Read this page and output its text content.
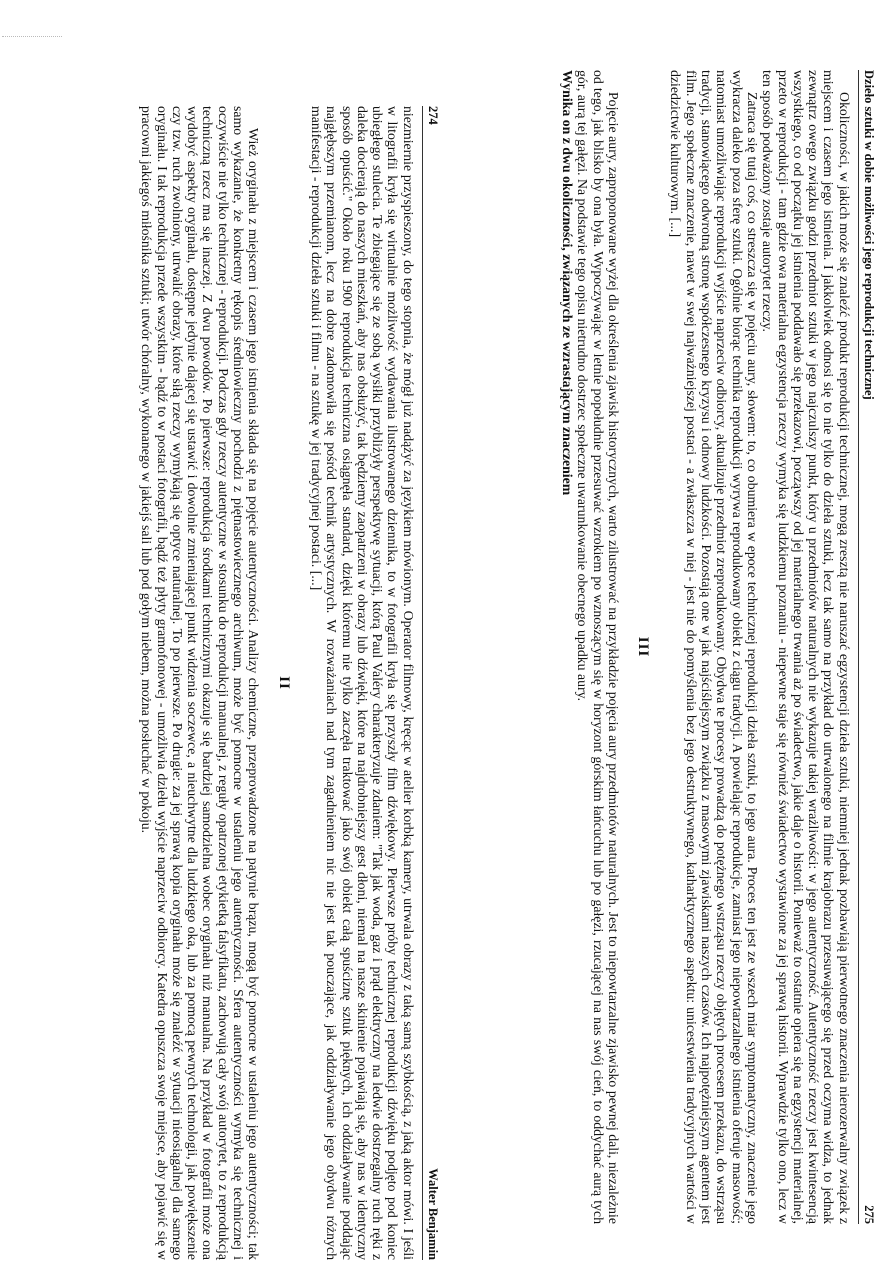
274
Walter Benjamin

niezmiernie przyspieszony, do tego stopnia, że mógł już nadążyć za językiem mówionym. Operator filmowy, kręcąc w atelier korbką kamery, utrwala obrazy z taką samą szybkością, z jaką aktor mówi. I jeśli w litografii kryła się wirtualnie możliwość wydawania ilustrowanego dziennika, to w fotografii kryła się przyszły film dźwiękowy. Pierwsze próby technicznej reprodukcji dźwięku podjęto pod koniec ubiegłego stulecia. Te zbiegające się ze sobą wysiłki przybliżyły perspektywę sytuacji, którą Paul Valéry charakteryzuje zdaniem: "Tak jak woda, gaz i prąd elektryczny na ledwie dostrzegalny ruch ręki z daleka docierają do naszych mieszkań, aby nas obsłużyć, tak będziemy zaopatrzeni w obrazy lub dźwięki, które na najdrobniejszy gest dłoni, niemal na nasze skinienie pojawiają się, aby nas w identyczny sposób opuścić." Około roku 1900 reprodukcja techniczna osiągnęła standard, dzięki któremu nie tylko zaczęła traktować jako swój obiekt całą spuściznę sztuk pięknych, ich oddziaływanie poddając najgłębszym przemianom, lecz na dobre zadomowiła się pośród technik artystycznych. W rozważaniach nad tym zagadnieniem nic nie jest tak pouczające, jak oddziaływanie jego obydwu różnych manifestacji - reprodukcji dzieła sztuki i filmu - na sztukę w jej tradycyjnej postaci. [...]

II

Wież oryginału z miejscem i czasem jego istnienia składa się na pojęcie autentyczności. Analizy chemiczne, przeprowadzone na patynie brązu, mogą być pomocne w ustaleniu jego autentyczności; tak samo wykazanie, że konkretny rękopis średniowieczny pochodzi z piętnastowiecznego archiwum, może być pomocne w ustaleniu jego autentyczności. Sfera autentyczności wymyka się technicznej i oczywiście nie tylko technicznej - reprodukcji. Podczas gdy rzeczy autentyczne w stosunku do reprodukcji manualnej, z reguły opatrzonej etykietką falsyfikatu, zachowują cały swój autorytet, to z reprodukcją techniczną rzecz ma się inaczej. Z dwu powodów. Po pierwsze: reprodukcja środkami technicznymi okazuje się bardziej samodzielna wobec oryginału niż manualna. Na przykład w fotografii może ona wydobyć aspekty oryginału, dostępne jedynie dającej się ustawić i dowolnie zmieniającej punkt widzenia soczewce, a nieuchwytne dla ludzkiego oka, lub za pomocą pewnych technologii, jak powiększenie czy tzw. ruch zwolniony, utrwalić obrazy, które siłą rzeczy wymykają się optyce naturalnej. To po pierwsze. Po drugie: za jej sprawą kopia oryginału może się znaleźć w sytuacji nieosiągalnej dla samego oryginału. I tak reprodukcja przede wszystkim - bądź to w postaci fotografii, bądź też płyty gramofonowej - umożliwia dziełu wyjście naprzeciw odbiorcy. Katedra opuszcza swoje miejsce, aby pojawić się w pracowni jakiegoś miłośnika sztuki; utwór chóralny, wykonanego w jakiejś sali lub pod gołym niebem, można posłuchać w pokoju.	Dzieło sztuki w dobie możliwości jego reprodukcji technicznej
275

Okoliczności, w jakich może się znaleźć produkt reprodukcji technicznej, mogą zresztą nie naruszać egzystencji dzieła sztuki, niemniej jednak pozbawiają pierwotnego znaczenia nierozerwalny związek z miejscem i czasem jego istnienia. I jakkolwiek odnosi się to nie tylko do dzieła sztuki, lecz tak samo na przykład do utrwalonego na filmie krajobrazu przesuwającego się przed oczyma widza, to jednak zewnątrz owego związku godzi przedmiot sztuki w jego najczulszy punkt, który u przedmiotów naturalnych nie wykazuje takiej wrażliwości: w jego autentyczność. Autentyczność rzeczy jest kwintesencją wszystkiego, co od początku jej istnienia poddawało się przekazowi, począwszy od jej materialnego trwania aż po świadectwo, jakie daje o historii. Ponieważ to ostatnie opiera się na egzystencji materialnej, przeto w reprodukcji - tam gdzie owa materialna egzystencja rzeczy wymyka się ludzkiemu poznaniu - niepewne staje się również świadectwo wystawione za jej sprawą historii. Wprawdzie tylko ono, lecz w ten sposób podważony zostaje autorytet rzeczy.

Zatraca się tutaj coś, co streszcza się w pojęciu aury, słowem: to, co obumiera w epoce technicznej reprodukcji dzieła sztuki, to jego aura. Proces ten jest ze wszech miar symptomatyczny, znaczenie jego wykracza daleko poza sferę sztuki. Ogólnie biorąc technika reprodukcji wyrywa reprodukowany obiekt z ciągu tradycji. A powielając reprodukcje, zamiast jego niepowtarzalnego istnienia oferuje masowość; natomiast umożliwiając reprodukcji wyjście naprzeciw odbiorcy, aktualizuje przedmiot zreprodukowany. Obydwa te procesy prowadzą do potężnego wstrząsu rzeczy objętych procesem przekazu, do wstrząsu tradycji, stanowiącego odwrotną stronę współczesnego kryzysu i odnowy ludzkości. Pozostają one w jak najściślejszym związku z masowymi zjawiskami naszych czasów. Ich najpotężniejszym agentem jest film. Jego społeczne znaczenie, nawet w swej najważniejszej postaci - a zwłaszcza w niej - jest nie do pomyślenia bez jego destruktywnego, katharktycznego aspektu: unicestwienia tradycyjnych wartości w dziedzictwie kulturowym. [...]

III

Pojęcie aury, zaproponowane wyżej dla określenia zjawisk historycznych, warto zilustrować na przykładzie pojęcia aury przedmiotów naturalnych. Jest to niepowtarzalne zjawisko pewnej dali, niezależnie od tego, jak blisko by ona była. Wypoczywając w letnie popołudnie przesuwać wzrokiem po wznoszącym się w horyzont górskim łańcuchu lub po gałęzi, rzucającej na nas swój cień, to oddychać aurą tych gór, aurą tej gałęzi. Na podstawie tego opisu nietrudno dostrzec społeczne uwarunkowanie obecnego upadku aury.

Wynika on z dwu okoliczności, związanych ze wzrastającym znaczeniem
